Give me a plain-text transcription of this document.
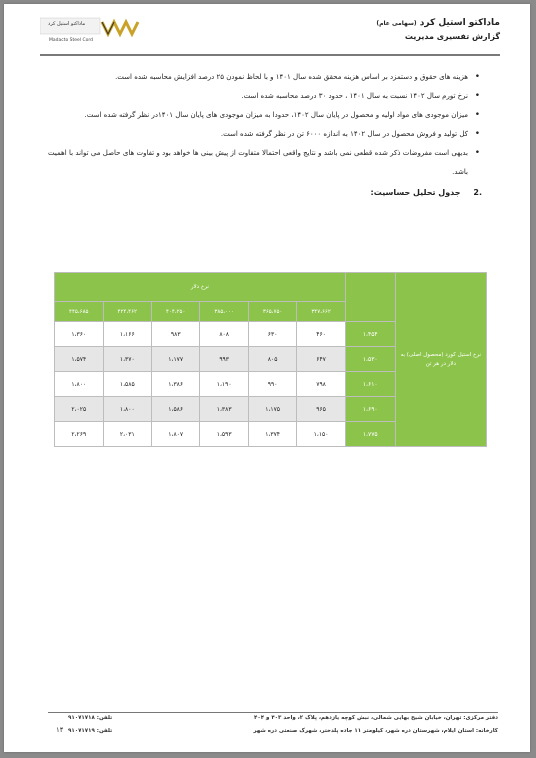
ماداکتو استیل کرد
Madacto Steel Cord
ماداکتو استیل کرد (سهامی عام)
گزارش تفسیری مدیریت
• هزینه های حقوق و دستمزد بر اساس هزینه محقق شده سال ۱۴۰۱ و با لحاظ نمودن ۲۵ درصد افزایش محاسبه شده است.
• نرخ تورم سال ۱۴۰۲ نسبت به سال ۱۴۰۱ ، حدود ۳۰ درصد محاسبه شده است.
• میزان موجودی های مواد اولیه و محصول در پایان سال ۱۴۰۲، حدودا به میزان موجودی های پایان سال ۱۴۰۱در نظر گرفته شده است.
• کل تولید و فروش محصول در سال ۱۴۰۲ به اندازه ۶۰۰۰ تن در نظر گرفته شده است.
• بدیهی است مفروضات ذکر شده قطعی نمی باشد و نتایج واقعی احتمالا متفاوت از پیش بینی ها خواهد بود و تفاوت های حاصل می تواند با اهمیت باشد.
.2 جدول تحلیل حساسیت:
نرخ استیل کورد (محصول اصلی) به دلار در هر تن		نرخ دلار					
		۳۴۷،۶۶۲	۳۶۵،۷۵۰	۳۸۵،۰۰۰	۴۰۴،۲۵۰	۴۲۴،۴۶۲	۴۴۵،۶۸۵
	۱،۴۵۴	۴۶۰	۶۳۰	۸۰۸	۹۸۳	۱،۱۶۶	۱،۳۶۰
	۱،۵۳۰	۶۴۷	۸۰۵	۹۹۳	۱،۱۷۷	۱،۳۷۰	۱،۵۷۴
	۱،۶۱۰	۷۹۸	۹۹۰	۱،۱۹۰	۱،۳۸۶	۱،۵۸۵	۱،۸۰۰
	۱،۶۹۰	۹۶۵	۱،۱۷۵	۱،۳۸۳	۱،۵۸۶	۱،۸۰۰	۲،۰۲۵
	۱،۷۷۵	۱،۱۵۰	۱،۳۷۴	۱،۵۹۳	۱،۸۰۷	۲،۰۳۱	۲،۲۶۹
دفتر مرکزی: تهران، خیابان شیخ بهایی شمالی، نبش کوچه یازدهم، پلاک ۲، واحد ۴۰۳ و ۴۰۴
تلفن: ۹۱۰۷۱۷۱۸
کارخانه: استان ایلام، شهرستان دره شهر، کیلومتر ۱۱ جاده پلدختر، شهرک صنعتی دره شهر
تلفن: ۹۱۰۷۱۷۱۹
۱۴
